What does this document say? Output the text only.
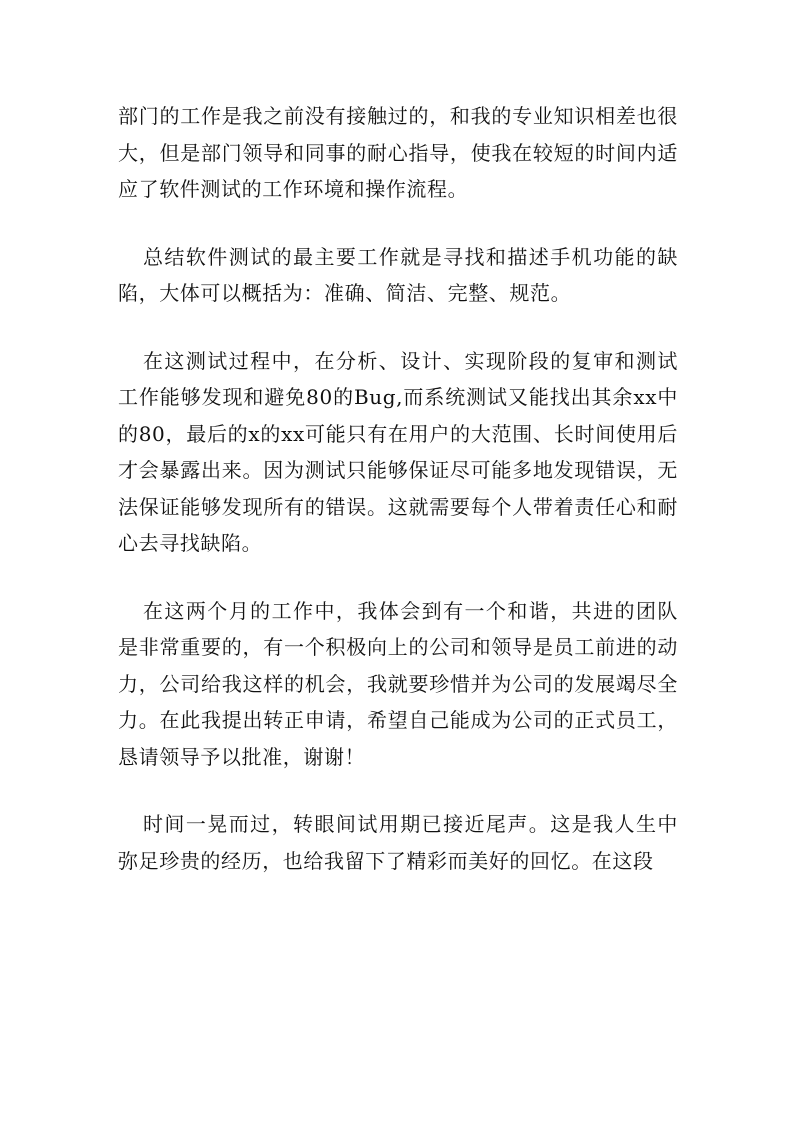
部门的工作是我之前没有接触过的，和我的专业知识相差也很大，但是部门领导和同事的耐心指导，使我在较短的时间内适应了软件测试的工作环境和操作流程。

总结软件测试的最主要工作就是寻找和描述手机功能的缺陷，大体可以概括为：准确、简洁、完整、规范。

在这测试过程中，在分析、设计、实现阶段的复审和测试工作能够发现和避免80的Bug,而系统测试又能找出其余xx中的80，最后的x的xx可能只有在用户的大范围、长时间使用后才会暴露出来。因为测试只能够保证尽可能多地发现错误，无法保证能够发现所有的错误。这就需要每个人带着责任心和耐心去寻找缺陷。

在这两个月的工作中，我体会到有一个和谐，共进的团队是非常重要的，有一个积极向上的公司和领导是员工前进的动力，公司给我这样的机会，我就要珍惜并为公司的发展竭尽全力。在此我提出转正申请，希望自己能成为公司的正式员工，恳请领导予以批准，谢谢！

时间一晃而过，转眼间试用期已接近尾声。这是我人生中弥足珍贵的经历，也给我留下了精彩而美好的回忆。在这段
